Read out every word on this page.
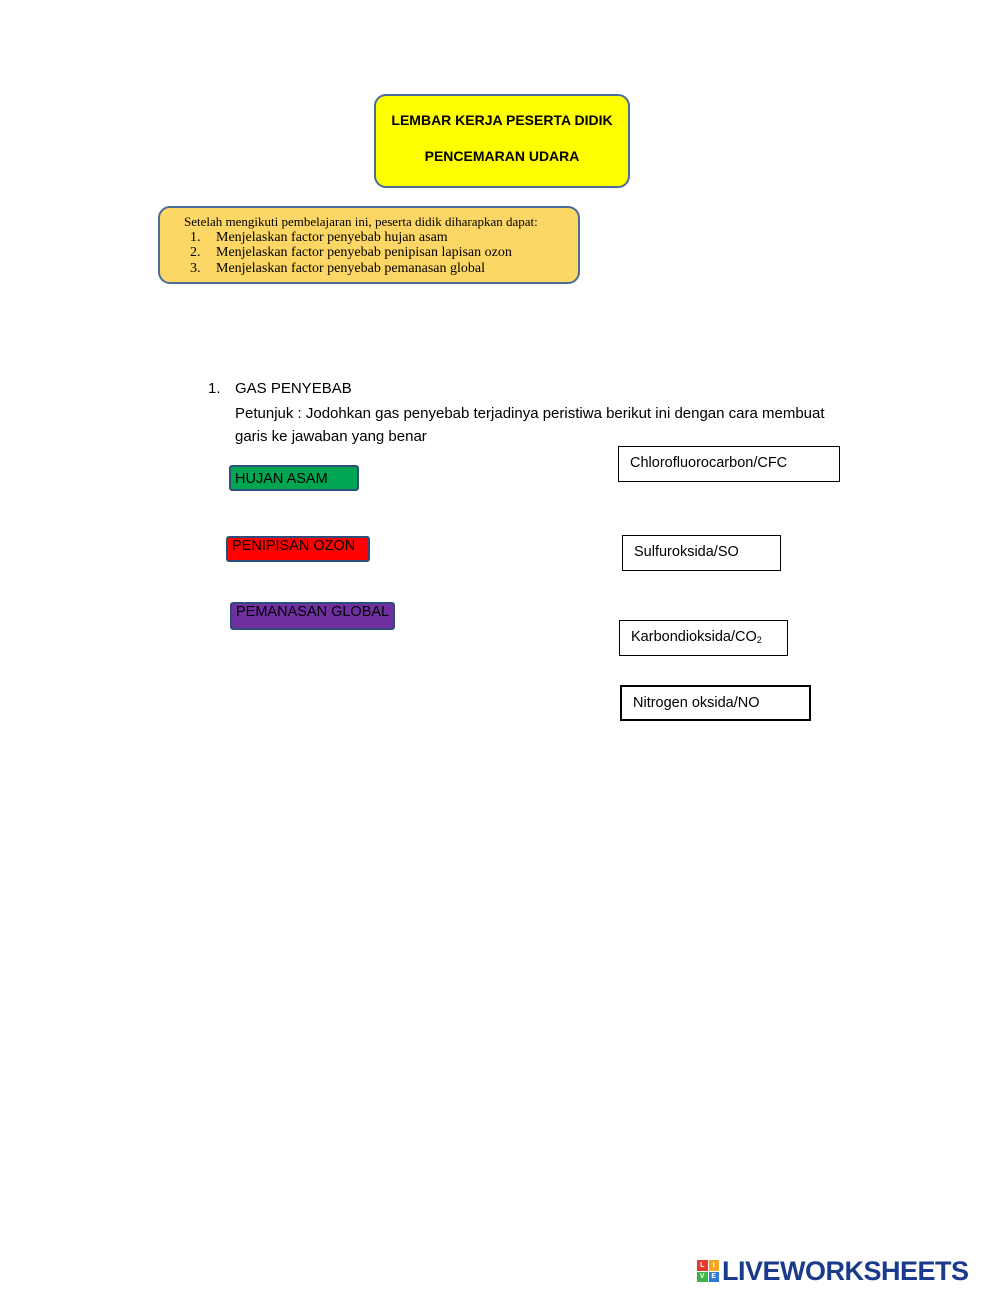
LEMBAR KERJA PESERTA DIDIK
PENCEMARAN UDARA
Setelah mengikuti pembelajaran ini, peserta didik diharapkan dapat:
1.	Menjelaskan factor penyebab hujan asam
2.	Menjelaskan factor penyebab penipisan lapisan ozon
3.	Menjelaskan factor penyebab pemanasan global
1. GAS PENYEBAB
Petunjuk : Jodohkan gas penyebab terjadinya peristiwa berikut ini dengan cara membuat garis ke jawaban yang benar
HUJAN ASAM
PENIPISAN OZON
PEMANASAN GLOBAL
Chlorofluorocarbon/CFC
Sulfuroksida/SO
Karbondioksida/$CO_2$
Nitrogen oksida/NO
L	I
V E LIVEWORKSHEETS
